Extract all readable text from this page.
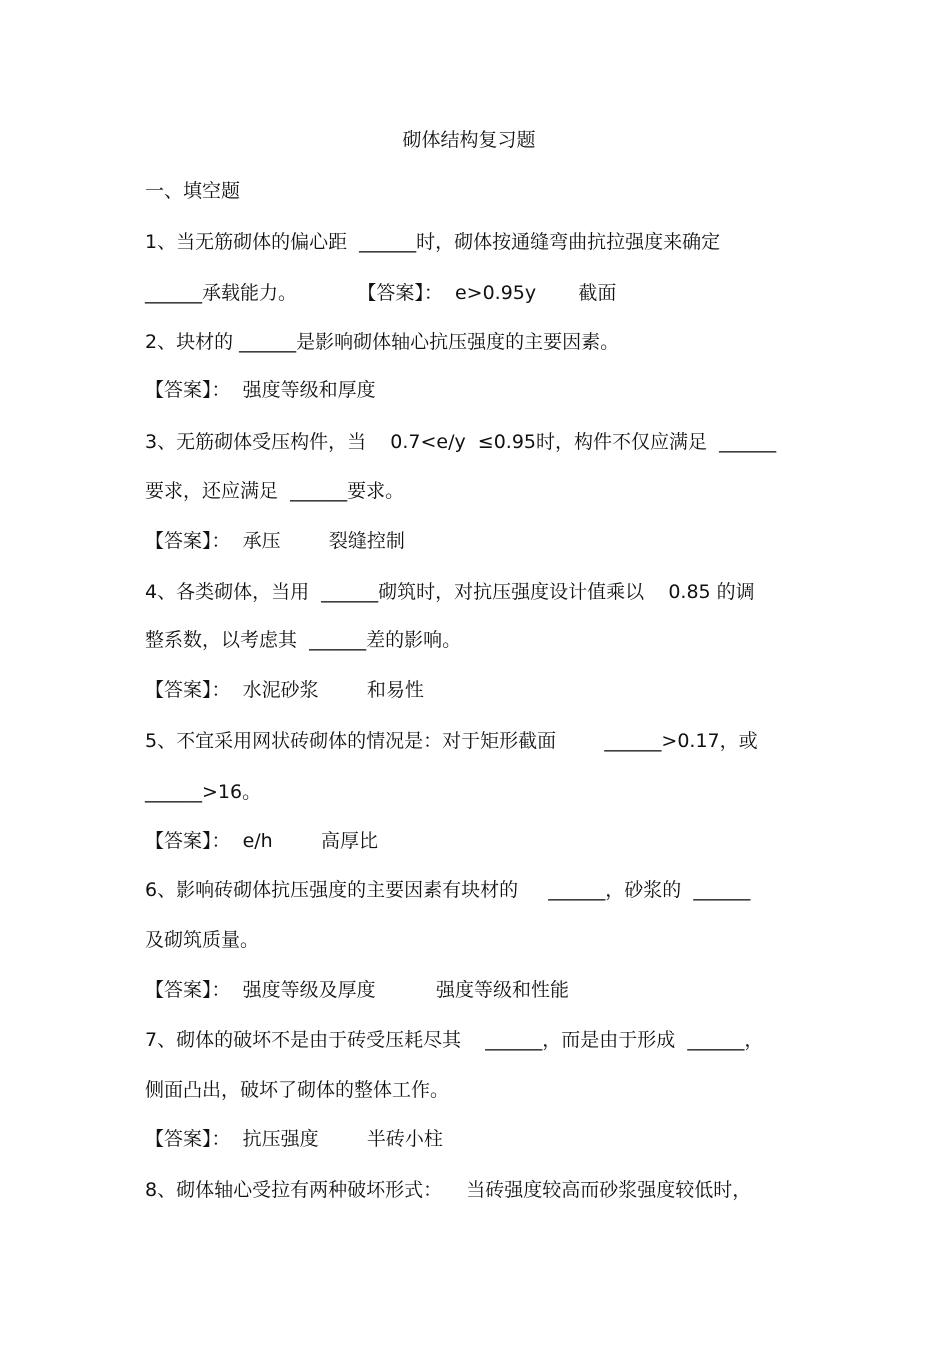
砌体结构复习题

一、填空题

1、当无筋砌体的偏心距  ______时，砌体按通缝弯曲抗拉强度来确定

______承载能力。          【答案】：  e>0.95y       截面

2、块材的 ______是影响砌体轴心抗压强度的主要因素。

【答案】：  强度等级和厚度

3、无筋砌体受压构件，当    0.7<e/y  ≤0.95时，构件不仅应满足  ______

要求，还应满足  ______要求。

【答案】：  承压        裂缝控制

4、各类砌体，当用  ______砌筑时，对抗压强度设计值乘以    0.85 的调

整系数，以考虑其  ______差的影响。

【答案】：  水泥砂浆        和易性

5、不宜采用网状砖砌体的情况是：对于矩形截面        ______>0.17，或

______>16。

【答案】：  e/h        高厚比

6、影响砖砌体抗压强度的主要因素有块材的     ______，砂浆的  ______

及砌筑质量。

【答案】：  强度等级及厚度          强度等级和性能

7、砌体的破坏不是由于砖受压耗尽其    ______，而是由于形成  ______，

侧面凸出，破坏了砌体的整体工作。

【答案】：  抗压强度        半砖小柱

8、砌体轴心受拉有两种破坏形式：    当砖强度较高而砂浆强度较低时，
